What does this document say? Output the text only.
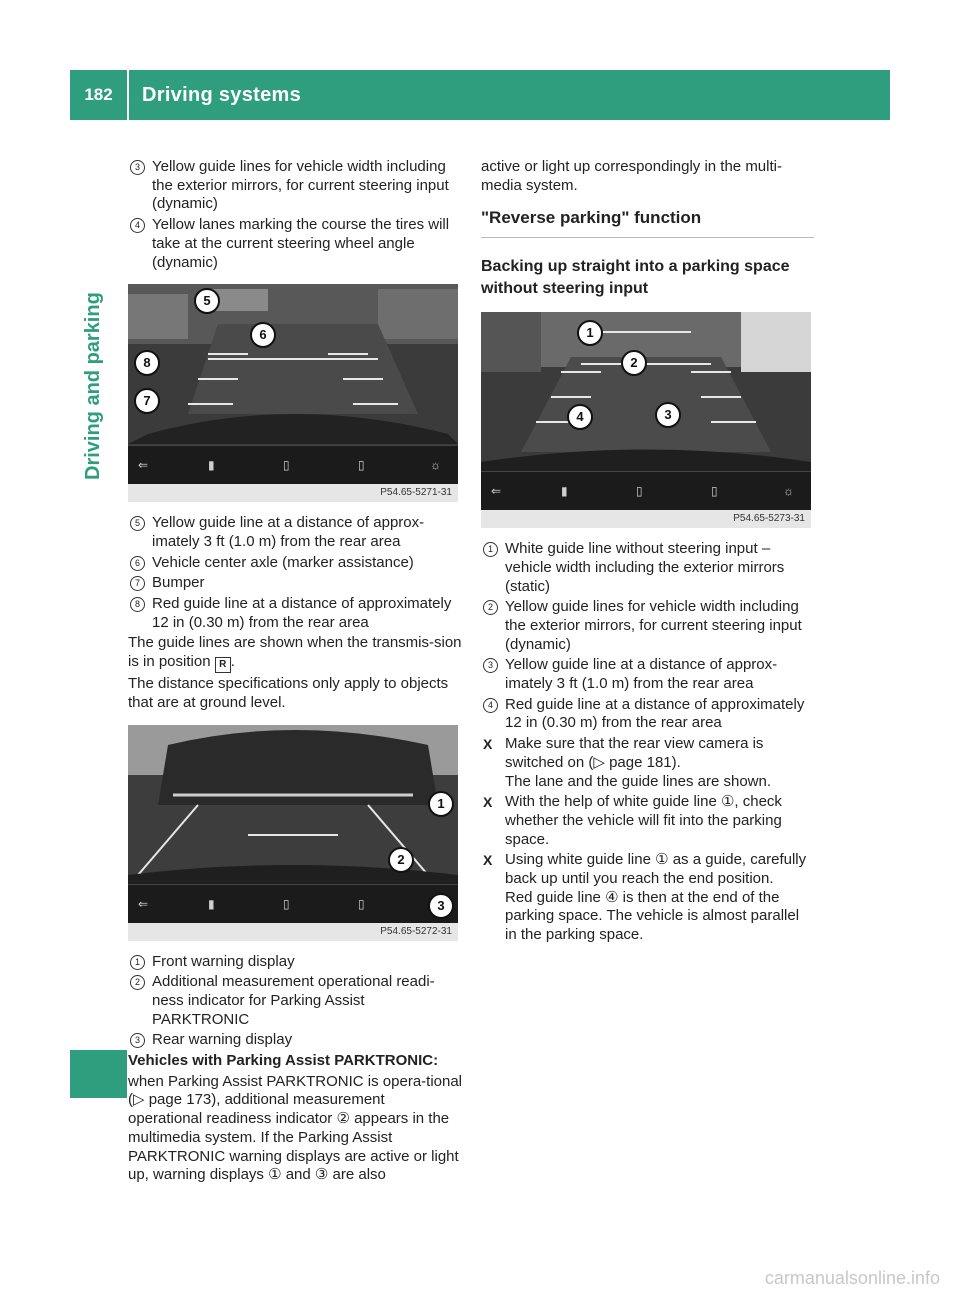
182	Driving systems
Driving and parking
3 Yellow guide lines for vehicle width including the exterior mirrors, for current steering input (dynamic)
4 Yellow lanes marking the course the tires will take at the current steering wheel angle (dynamic)
⇐	▮	▯	▯	☼
5
6
8
7
P54.65-5271-31
5 Yellow guide line at a distance of approx-imately 3 ft (1.0 m) from the rear area
6 Vehicle center axle (marker assistance)
7 Bumper
8 Red guide line at a distance of approximately 12 in (0.30 m) from the rear area

The guide lines are shown when the transmis-sion is in position R .

The distance specifications only apply to objects that are at ground level.

⇐	▮	▯	▯
1
2
3
P54.65-5272-31
1 Front warning display
2 Additional measurement operational readi-ness indicator for Parking Assist PARKTRONIC
3 Rear warning display

Vehicles with Parking Assist PARKTRONIC:

when Parking Assist PARKTRONIC is opera-tional (▷ page 173), additional measurement operational readiness indicator ② appears in the multimedia system. If the Parking Assist PARKTRONIC warning displays are active or light up, warning displays ① and ③ are also

active or light up correspondingly in the multi-media system.

"Reverse parking" function
Backing up straight into a parking space without steering input
⇐	▮	▯	▯	☼
1
2
4	3
P54.65-5273-31
1 White guide line without steering input – vehicle width including the exterior mirrors (static)
2 Yellow guide lines for vehicle width including the exterior mirrors, for current steering input (dynamic)
3 Yellow guide line at a distance of approx-imately 3 ft (1.0 m) from the rear area
4 Red guide line at a distance of approximately 12 in (0.30 m) from the rear area
X Make sure that the rear view camera is switched on (▷ page 181).
The lane and the guide lines are shown.
X With the help of white guide line ①, check whether the vehicle will fit into the parking space.
X Using white guide line ① as a guide, carefully back up until you reach the end position.
Red guide line ④ is then at the end of the parking space. The vehicle is almost parallel in the parking space.
carmanualsonline.info
